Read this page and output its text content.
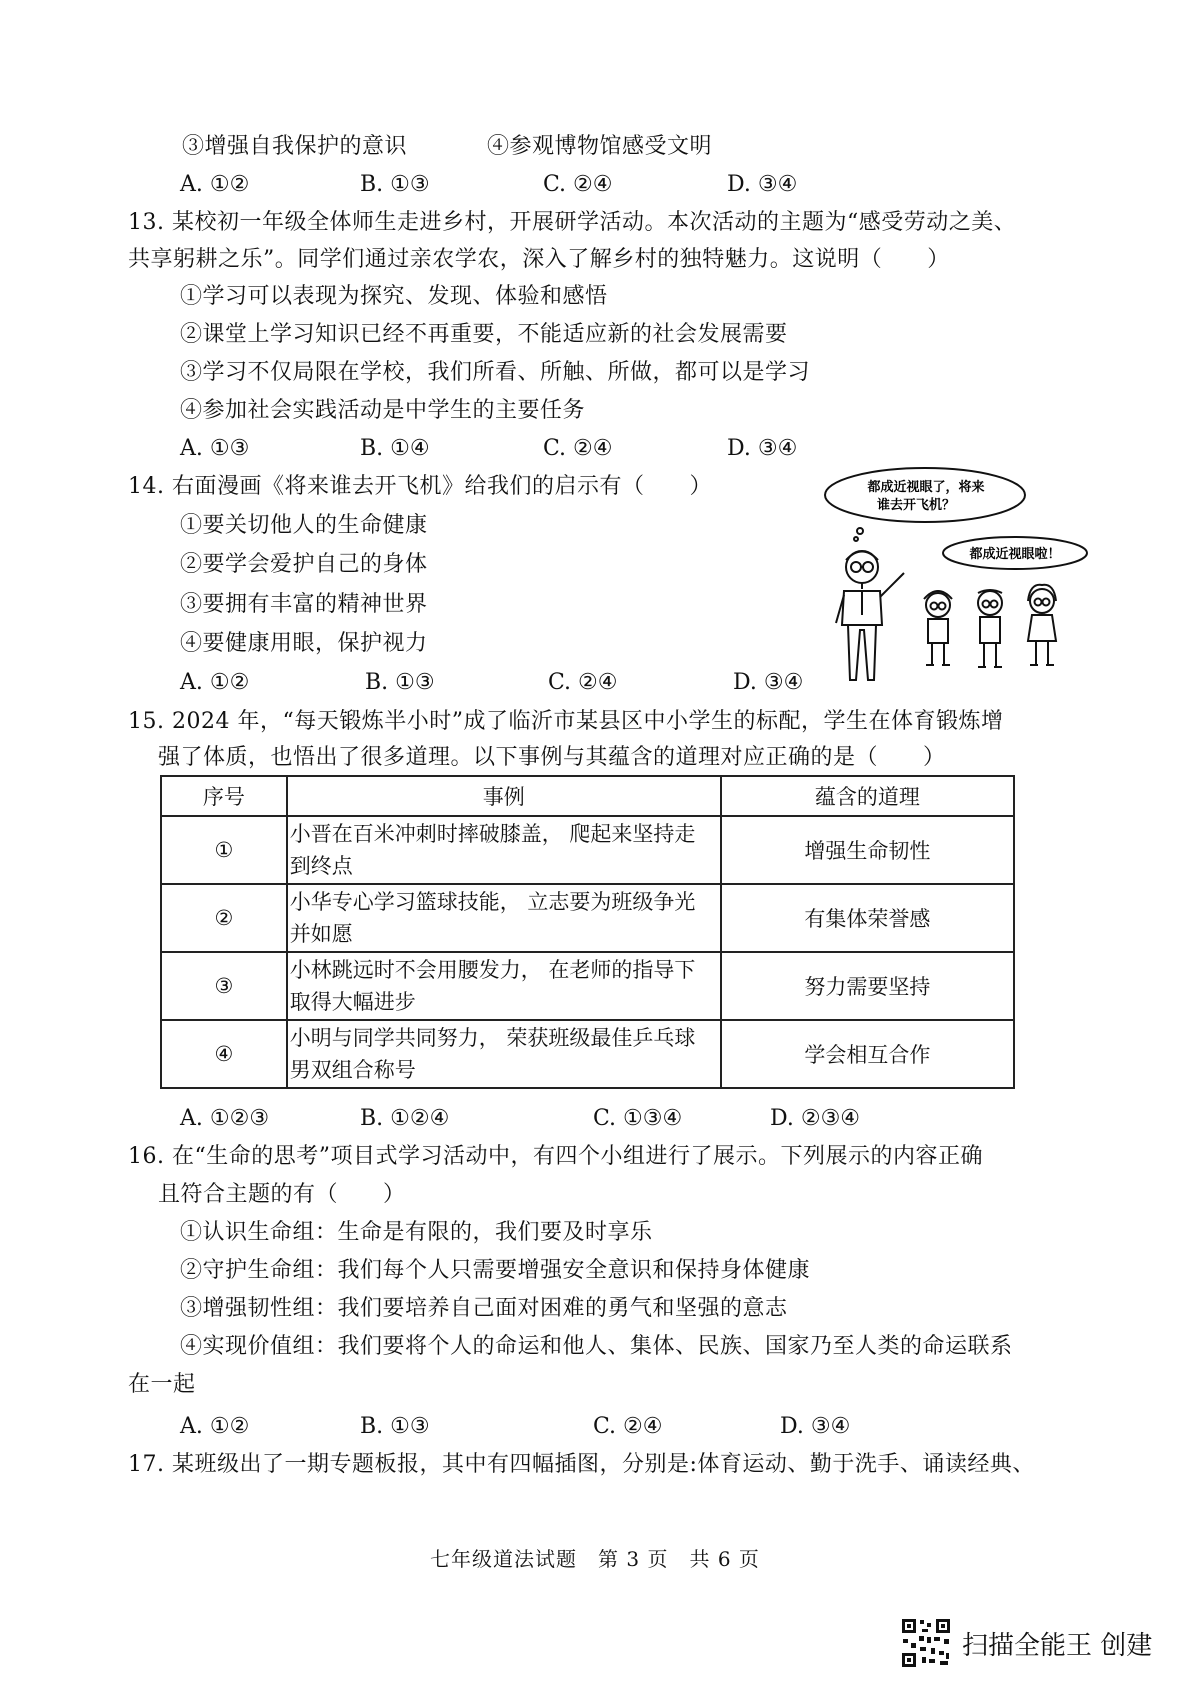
③增强自我保护的意识	④参观博物馆感受文明
A. ①②	B. ①③	C. ②④	D. ③④
13. 某校初一年级全体师生走进乡村，开展研学活动。本次活动的主题为“感受劳动之美、
共享躬耕之乐”。同学们通过亲农学农，深入了解乡村的独特魅力。这说明（　　）
①学习可以表现为探究、发现、体验和感悟
②课堂上学习知识已经不再重要，不能适应新的社会发展需要
③学习不仅局限在学校，我们所看、所触、所做，都可以是学习
④参加社会实践活动是中学生的主要任务
A. ①③	B. ①④	C. ②④	D. ③④
14. 右面漫画《将来谁去开飞机》给我们的启示有（　　）
①要关切他人的生命健康
②要学会爱护自己的身体
③要拥有丰富的精神世界
④要健康用眼，保护视力
A. ①②	B. ①③	C. ②④	D. ③④
都成近视眼了，将来
谁去开飞机？
都成近视眼啦！
15. 2024 年，“每天锻炼半小时”成了临沂市某县区中小学生的标配，学生在体育锻炼增
强了体质，也悟出了很多道理。以下事例与其蕴含的道理对应正确的是（　　）
序号	事例	蕴含的道理
①	小晋在百米冲刺时摔破膝盖， 爬起来坚持走到终点	增强生命韧性
②	小华专心学习篮球技能， 立志要为班级争光并如愿	有集体荣誉感
③	小林跳远时不会用腰发力， 在老师的指导下取得大幅进步	努力需要坚持
④	小明与同学共同努力， 荣获班级最佳乒乓球男双组合称号	学会相互合作
A. ①②③	B. ①②④	C. ①③④	D. ②③④
16. 在“生命的思考”项目式学习活动中，有四个小组进行了展示。下列展示的内容正确
且符合主题的有（　　）
①认识生命组：生命是有限的，我们要及时享乐
②守护生命组：我们每个人只需要增强安全意识和保持身体健康
③增强韧性组：我们要培养自己面对困难的勇气和坚强的意志
④实现价值组：我们要将个人的命运和他人、集体、民族、国家乃至人类的命运联系
在一起
A. ①②	B. ①③	C. ②④	D. ③④
17. 某班级出了一期专题板报，其中有四幅插图，分别是:体育运动、勤于洗手、诵读经典、
七年级道法试题　第 3 页　共 6 页
扫描全能王 创建
